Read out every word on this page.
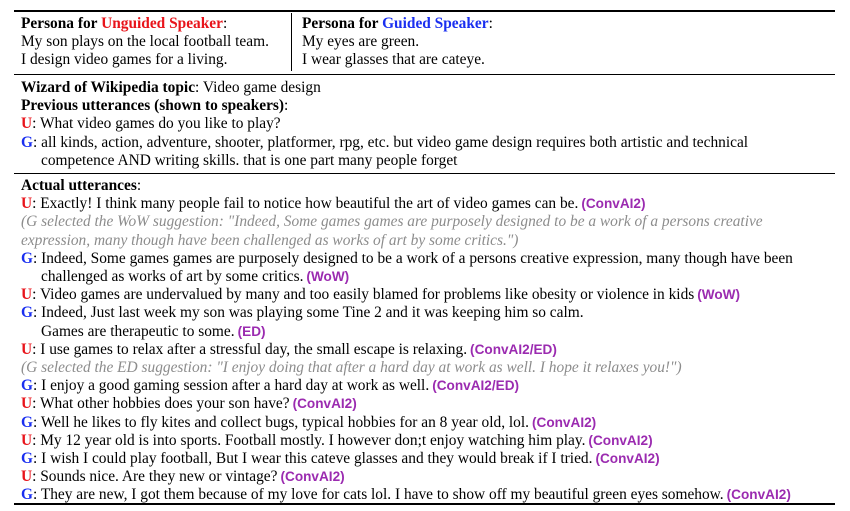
Persona for Unguided Speaker:
My son plays on the local football team.
I design video games for a living.
Persona for Guided Speaker:
My eyes are green.
I wear glasses that are cateye.
Wizard of Wikipedia topic: Video game design
Previous utterances (shown to speakers):
U: What video games do you like to play?
G: all kinds, action, adventure, shooter, platformer, rpg, etc. but video game design requires both artistic and technical
competence AND writing skills. that is one part many people forget
Actual utterances:
U: Exactly! I think many people fail to notice how beautiful the art of video games can be. (ConvAI2)
(G selected the WoW suggestion: "Indeed, Some games games are purposely designed to be a work of a persons creative
expression, many though have been challenged as works of art by some critics.")
G: Indeed, Some games games are purposely designed to be a work of a persons creative expression, many though have been
challenged as works of art by some critics. (WoW)
U: Video games are undervalued by many and too easily blamed for problems like obesity or violence in kids (WoW)
G: Indeed, Just last week my son was playing some Tine 2 and it was keeping him so calm.
Games are therapeutic to some. (ED)
U: I use games to relax after a stressful day, the small escape is relaxing. (ConvAI2/ED)
(G selected the ED suggestion: "I enjoy doing that after a hard day at work as well. I hope it relaxes you!")
G: I enjoy a good gaming session after a hard day at work as well. (ConvAI2/ED)
U: What other hobbies does your son have? (ConvAI2)
G: Well he likes to fly kites and collect bugs, typical hobbies for an 8 year old, lol. (ConvAI2)
U: My 12 year old is into sports. Football mostly. I however don;t enjoy watching him play. (ConvAI2)
G: I wish I could play football, But I wear this cateve glasses and they would break if I tried. (ConvAI2)
U: Sounds nice. Are they new or vintage? (ConvAI2)
G: They are new, I got them because of my love for cats lol. I have to show off my beautiful green eyes somehow. (ConvAI2)
